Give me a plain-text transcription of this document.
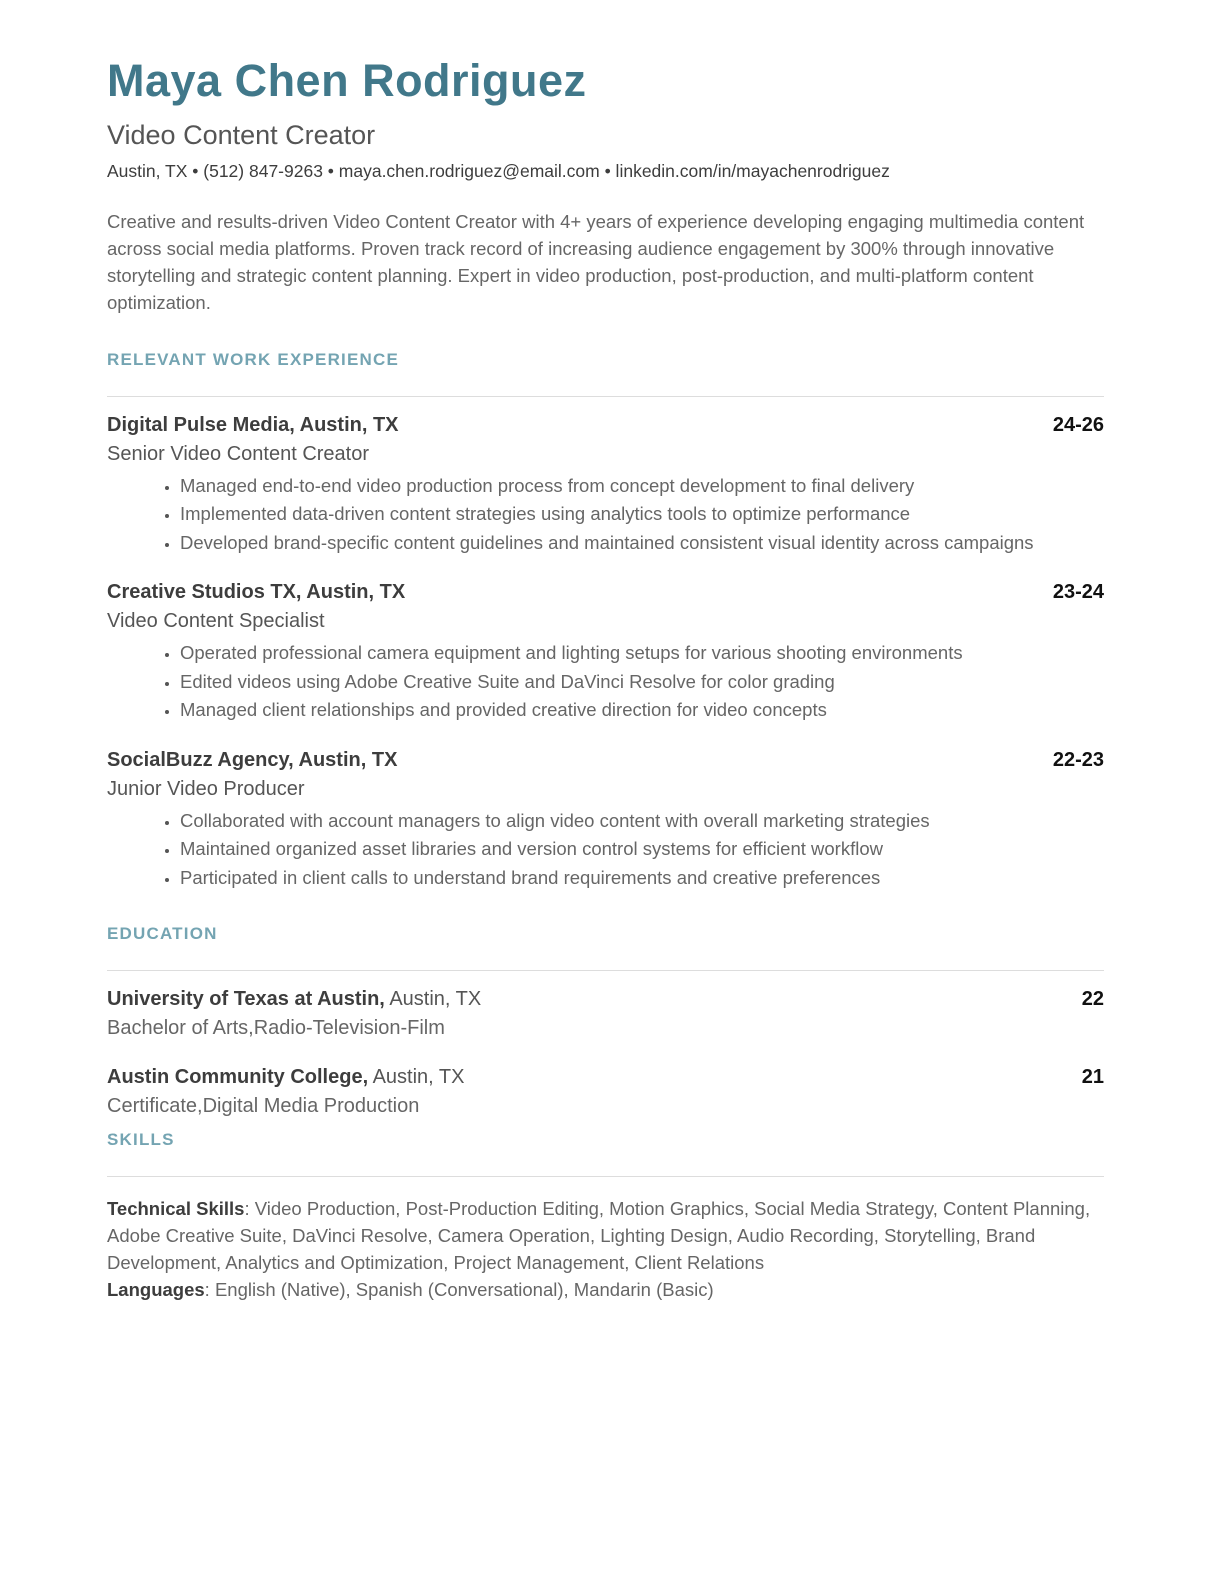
Maya Chen Rodriguez
Video Content Creator
Austin, TX • (512) 847-9263 • maya.chen.rodriguez@email.com • linkedin.com/in/mayachenrodriguez

Creative and results-driven Video Content Creator with 4+ years of experience developing engaging multimedia content across social media platforms. Proven track record of increasing audience engagement by 300% through innovative storytelling and strategic content planning. Expert in video production, post-production, and multi-platform content optimization.

RELEVANT WORK EXPERIENCE
Digital Pulse Media, Austin, TX	24-26
Senior Video Content Creator
• Managed end-to-end video production process from concept development to final delivery
• Implemented data-driven content strategies using analytics tools to optimize performance
• Developed brand-specific content guidelines and maintained consistent visual identity across campaigns
Creative Studios TX, Austin, TX	23-24
Video Content Specialist
• Operated professional camera equipment and lighting setups for various shooting environments
• Edited videos using Adobe Creative Suite and DaVinci Resolve for color grading
• Managed client relationships and provided creative direction for video concepts
SocialBuzz Agency, Austin, TX	22-23
Junior Video Producer
• Collaborated with account managers to align video content with overall marketing strategies
• Maintained organized asset libraries and version control systems for efficient workflow
• Participated in client calls to understand brand requirements and creative preferences
EDUCATION
University of Texas at Austin, Austin, TX	22
Bachelor of Arts,Radio-Television-Film
Austin Community College, Austin, TX	21
Certificate,Digital Media Production
SKILLS

Technical Skills: Video Production, Post-Production Editing, Motion Graphics, Social Media Strategy, Content Planning, Adobe Creative Suite, DaVinci Resolve, Camera Operation, Lighting Design, Audio Recording, Storytelling, Brand Development, Analytics and Optimization, Project Management, Client Relations
Languages: English (Native), Spanish (Conversational), Mandarin (Basic)
